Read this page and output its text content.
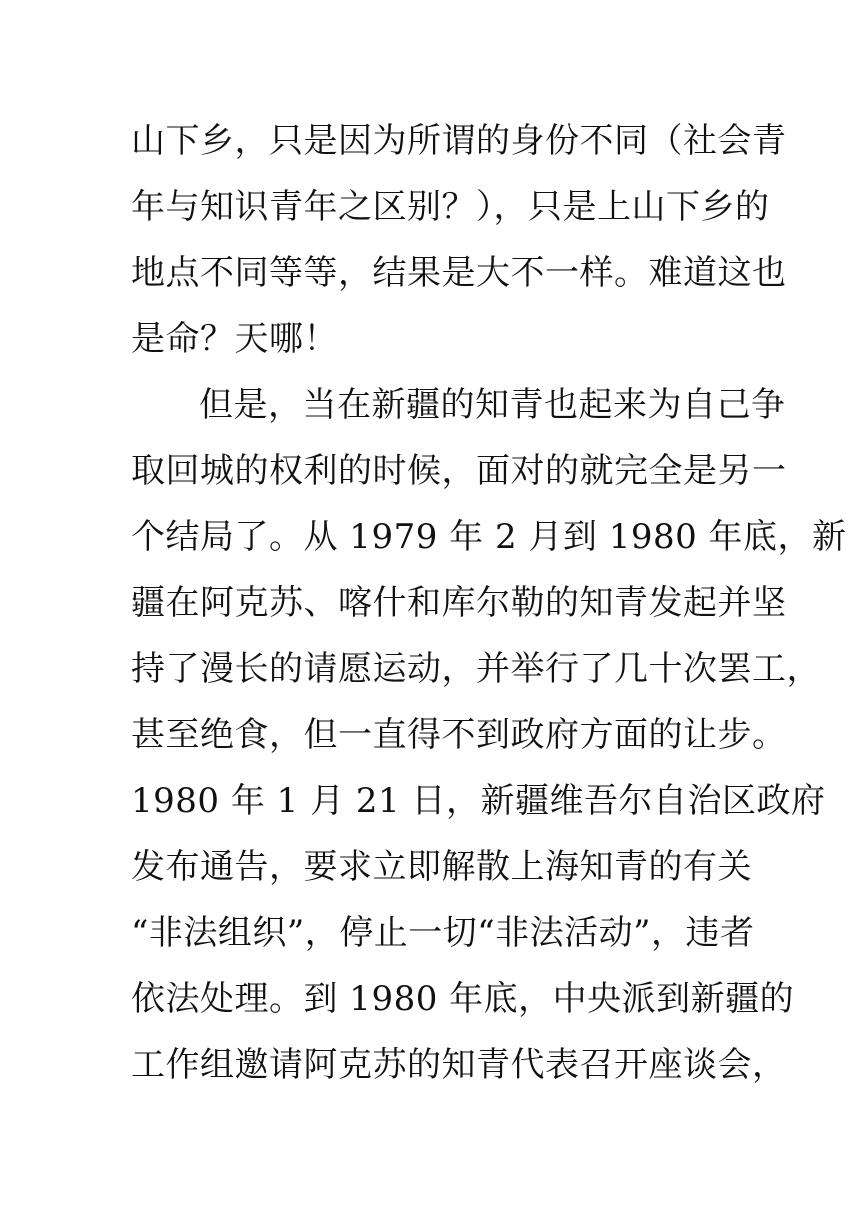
山下乡，只是因为所谓的身份不同（社会青
年与知识青年之区别？），只是上山下乡的
地点不同等等，结果是大不一样。难道这也
是命？天哪！
但是，当在新疆的知青也起来为自己争
取回城的权利的时候，面对的就完全是另一
个结局了。从 1979 年 2 月到 1980 年底，新
疆在阿克苏、喀什和库尔勒的知青发起并坚
持了漫长的请愿运动，并举行了几十次罢工，
甚至绝食，但一直得不到政府方面的让步。
1980 年 1 月 21 日，新疆维吾尔自治区政府
发布通告，要求立即解散上海知青的有关
“非法组织”，停止一切“非法活动”，违者
依法处理。到 1980 年底，中央派到新疆的
工作组邀请阿克苏的知青代表召开座谈会，
